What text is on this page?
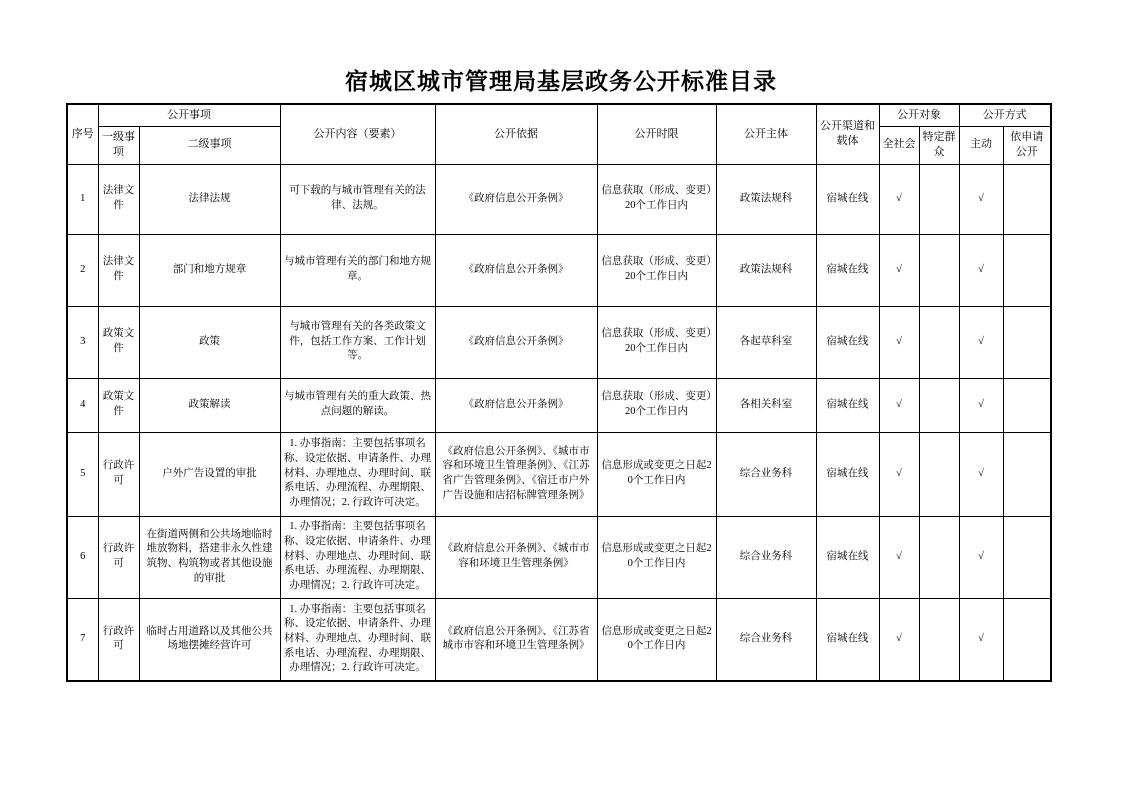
宿城区城市管理局基层政务公开标准目录
序号	公开事项		公开内容（要素）	公开依据	公开时限	公开主体	公开渠道和载体	公开对象		公开方式	
	一级事项	二级事项						全社会	特定群众	主动	依申请公开
1	法律文件	法律法规	可下载的与城市管理有关的法律、法规。	《政府信息公开条例》	信息获取（形成、变更）20个工作日内	政策法规科	宿城在线	√		√	
2	法律文件	部门和地方规章	与城市管理有关的部门和地方规章。	《政府信息公开条例》	信息获取（形成、变更）20个工作日内	政策法规科	宿城在线	√		√	
3	政策文件	政策	与城市管理有关的各类政策文件，包括工作方案、工作计划等。	《政府信息公开条例》	信息获取（形成、变更）20个工作日内	各起草科室	宿城在线	√		√	
4	政策文件	政策解读	与城市管理有关的重大政策、热点问题的解读。	《政府信息公开条例》	信息获取（形成、变更）20个工作日内	各相关科室	宿城在线	√		√	
5	行政许可	户外广告设置的审批	1. 办事指南：主要包括事项名称、设定依据、申请条件、办理材料、办理地点、办理时间、联系电话、办理流程、办理期限、办理情况；2. 行政许可决定。	《政府信息公开条例》、《城市市容和环境卫生管理条例》、《江苏省广告管理条例》、《宿迁市户外广告设施和店招标牌管理条例》	信息形成或变更之日起20个工作日内	综合业务科	宿城在线	√		√	
6	行政许可	在街道两侧和公共场地临时堆放物料，搭建非永久性建筑物、构筑物或者其他设施的审批	1. 办事指南：主要包括事项名称、设定依据、申请条件、办理材料、办理地点、办理时间、联系电话、办理流程、办理期限、办理情况；2. 行政许可决定。	《政府信息公开条例》、《城市市容和环境卫生管理条例》	信息形成或变更之日起20个工作日内	综合业务科	宿城在线	√		√	
7	行政许可	临时占用道路以及其他公共场地摆摊经营许可	1. 办事指南：主要包括事项名称、设定依据、申请条件、办理材料、办理地点、办理时间、联系电话、办理流程、办理期限、办理情况；2. 行政许可决定。	《政府信息公开条例》、《江苏省城市市容和环境卫生管理条例》	信息形成或变更之日起20个工作日内	综合业务科	宿城在线	√		√	
